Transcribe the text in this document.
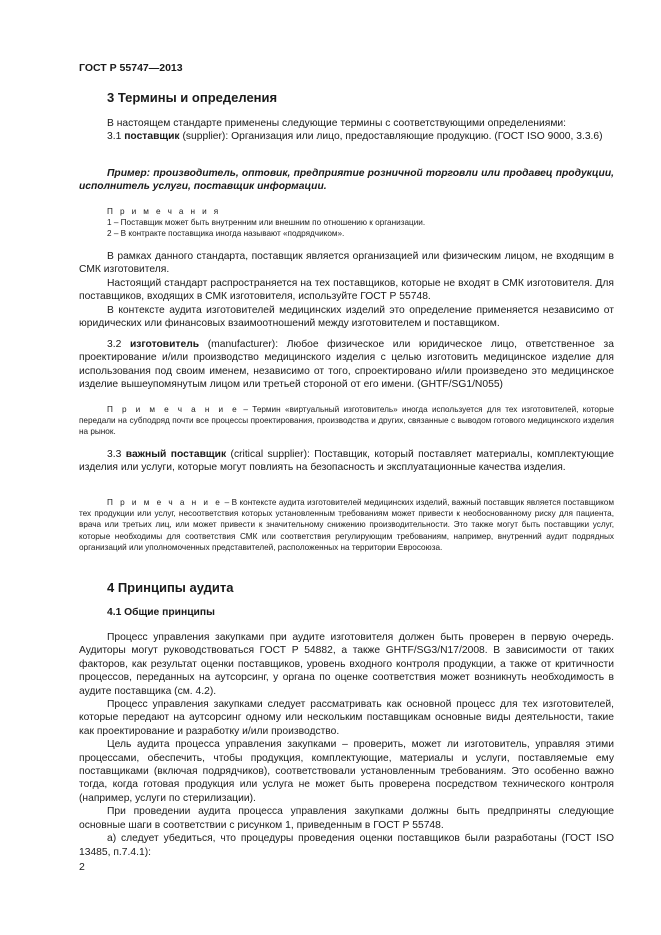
ГОСТ Р 55747—2013

3 Термины и определения

В настоящем стандарте применены следующие термины с соответствующими определениями:

3.1 поставщик (supplier): Организация или лицо, предоставляющие продукцию. (ГОСТ ISO 9000, 3.3.6)

Пример: производитель, оптовик, предприятие розничной торговли или продавец продукции, исполнитель услуги, поставщик информации.

П р и м е ч а н и я

1 – Поставщик может быть внутренним или внешним по отношению к организации.

2 – В контракте поставщика иногда называют «подрядчиком».

В рамках данного стандарта, поставщик является организацией или физическим лицом, не входящим в СМК изготовителя.

Настоящий стандарт распространяется на тех поставщиков, которые не входят в СМК изготовителя. Для поставщиков, входящих в СМК изготовителя, используйте ГОСТ Р 55748.

В контексте аудита изготовителей медицинских изделий это определение применяется независимо от юридических или финансовых взаимоотношений между изготовителем и поставщиком.

3.2 изготовитель (manufacturer): Любое физическое или юридическое лицо, ответственное за проектирование и/или производство медицинского изделия с целью изготовить медицинское изделие для использования под своим именем, независимо от того, спроектировано и/или произведено это медицинское изделие вышеупомянутым лицом или третьей стороной от его имени. (GHTF/SG1/N055)

П р и м е ч а н и е – Термин «виртуальный изготовитель» иногда используется для тех изготовителей, которые передали на субподряд почти все процессы проектирования, производства и других, связанные с выводом готового медицинского изделия на рынок.

3.3 важный поставщик (critical supplier): Поставщик, который поставляет материалы, комплектующие изделия или услуги, которые могут повлиять на безопасность и эксплуатационные качества изделия.

П р и м е ч а н и е – В контексте аудита изготовителей медицинских изделий, важный поставщик является поставщиком тех продукции или услуг, несоответствия которых установленным требованиям может привести к необоснованному риску для пациента, врача или третьих лиц, или может привести к значительному снижению производительности. Это также могут быть поставщики услуг, которые необходимы для соответствия СМК или соответствия регулирующим требованиям, например, внутренний аудит подрядных организаций или уполномоченных представителей, расположенных на территории Евросоюза.

4 Принципы аудита

4.1 Общие принципы

Процесс управления закупками при аудите изготовителя должен быть проверен в первую очередь. Аудиторы могут руководствоваться ГОСТ Р 54882, а также GHTF/SG3/N17/2008. В зависимости от таких факторов, как результат оценки поставщиков, уровень входного контроля продукции, а также от критичности процессов, переданных на аутсорсинг, у органа по оценке соответствия может возникнуть необходимость в аудите поставщика (см. 4.2).

Процесс управления закупками следует рассматривать как основной процесс для тех изготовителей, которые передают на аутсорсинг одному или нескольким поставщикам основные виды деятельности, такие как проектирование и разработку и/или производство.

Цель аудита процесса управления закупками – проверить, может ли изготовитель, управляя этими процессами, обеспечить, чтобы продукция, комплектующие, материалы и услуги, поставляемые ему поставщиками (включая подрядчиков), соответствовали установленным требованиям. Это особенно важно тогда, когда готовая продукция или услуга не может быть проверена посредством технического контроля (например, услуги по стерилизации).

При проведении аудита процесса управления закупками должны быть предприняты следующие основные шаги в соответствии с рисунком 1, приведенным в ГОСТ Р 55748.

а) следует убедиться, что процедуры проведения оценки поставщиков были разработаны (ГОСТ ISO 13485, п.7.4.1):

2
